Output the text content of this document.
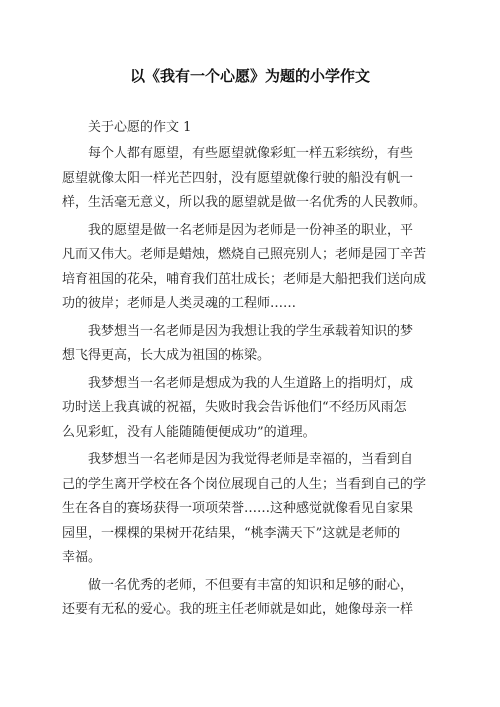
以《我有一个心愿》为题的小学作文
关于心愿的作文 1
每个人都有愿望，有些愿望就像彩虹一样五彩缤纷，有些
愿望就像太阳一样光芒四射，没有愿望就像行驶的船没有帆一
样，生活毫无意义，所以我的愿望就是做一名优秀的人民教师。
我的愿望是做一名老师是因为老师是一份神圣的职业，平
凡而又伟大。老师是蜡烛，燃烧自己照亮别人；老师是园丁辛苦
培育祖国的花朵，哺育我们茁壮成长；老师是大船把我们送向成
功的彼岸；老师是人类灵魂的工程师……
我梦想当一名老师是因为我想让我的学生承载着知识的梦
想飞得更高，长大成为祖国的栋梁。
我梦想当一名老师是想成为我的人生道路上的指明灯，成
功时送上我真诚的祝福，失败时我会告诉他们“不经历风雨怎
么见彩虹，没有人能随随便便成功”的道理。
我梦想当一名老师是因为我觉得老师是幸福的，当看到自
己的学生离开学校在各个岗位展现自己的人生；当看到自己的学
生在各自的赛场获得一项项荣誉……这种感觉就像看见自家果
园里，一棵棵的果树开花结果，“桃李满天下”这就是老师的
幸福。
做一名优秀的老师，不但要有丰富的知识和足够的耐心，
还要有无私的爱心。我的班主任老师就是如此，她像母亲一样
